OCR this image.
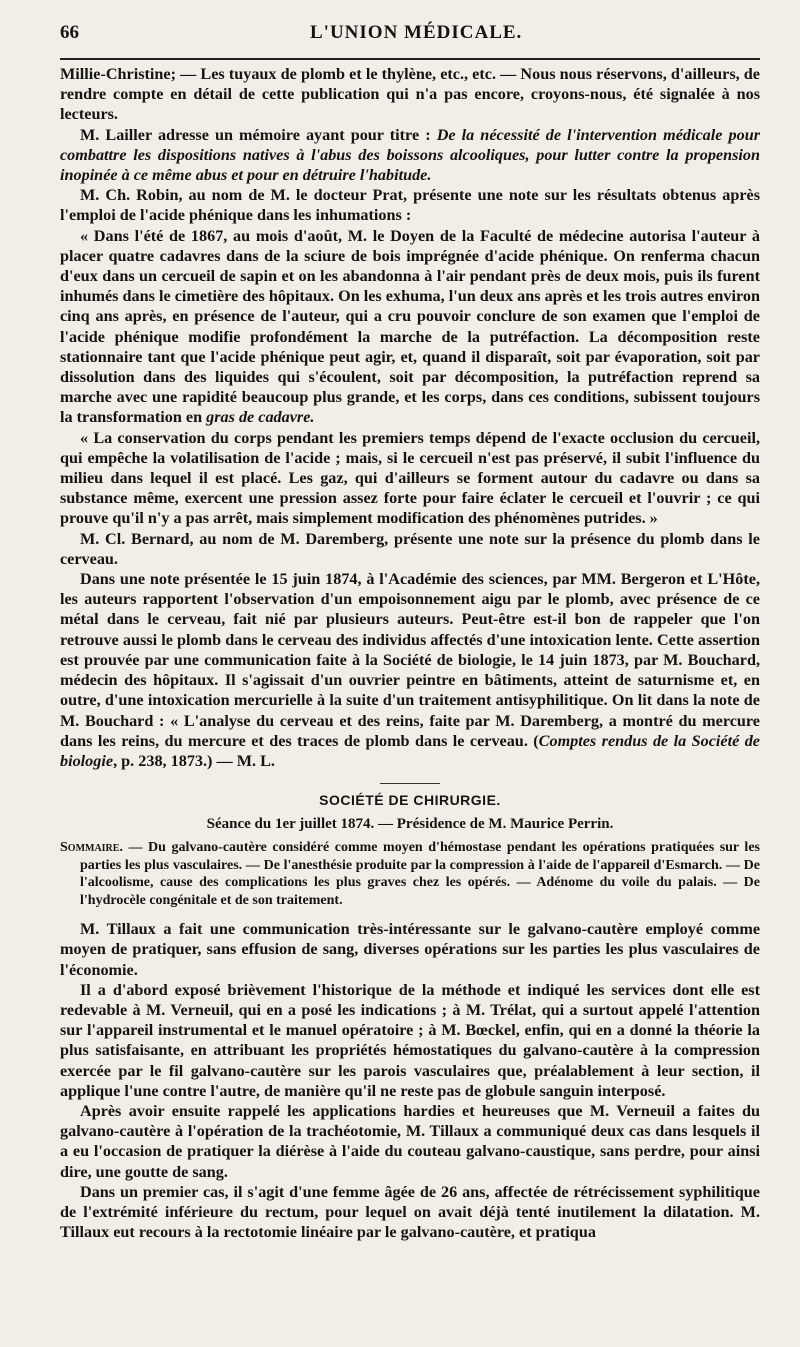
66	L'UNION MÉDICALE.

Millie-Christine; — Les tuyaux de plomb et le thylène, etc., etc. — Nous nous réservons, d'ailleurs, de rendre compte en détail de cette publication qui n'a pas encore, croyons-nous, été signalée à nos lecteurs.

M. Lailler adresse un mémoire ayant pour titre : De la nécessité de l'intervention médicale pour combattre les dispositions natives à l'abus des boissons alcooliques, pour lutter contre la propension inopinée à ce même abus et pour en détruire l'habitude.

M. Ch. Robin, au nom de M. le docteur Prat, présente une note sur les résultats obtenus après l'emploi de l'acide phénique dans les inhumations :

« Dans l'été de 1867, au mois d'août, M. le Doyen de la Faculté de médecine autorisa l'auteur à placer quatre cadavres dans de la sciure de bois imprégnée d'acide phénique. On renferma chacun d'eux dans un cercueil de sapin et on les abandonna à l'air pendant près de deux mois, puis ils furent inhumés dans le cimetière des hôpitaux. On les exhuma, l'un deux ans après et les trois autres environ cinq ans après, en présence de l'auteur, qui a cru pouvoir conclure de son examen que l'emploi de l'acide phénique modifie profondément la marche de la putréfaction. La décomposition reste stationnaire tant que l'acide phénique peut agir, et, quand il disparaît, soit par évaporation, soit par dissolution dans des liquides qui s'écoulent, soit par décomposition, la putréfaction reprend sa marche avec une rapidité beaucoup plus grande, et les corps, dans ces conditions, subissent toujours la transformation en gras de cadavre.

« La conservation du corps pendant les premiers temps dépend de l'exacte occlusion du cercueil, qui empêche la volatilisation de l'acide ; mais, si le cercueil n'est pas préservé, il subit l'influence du milieu dans lequel il est placé. Les gaz, qui d'ailleurs se forment autour du cadavre ou dans sa substance même, exercent une pression assez forte pour faire éclater le cercueil et l'ouvrir ; ce qui prouve qu'il n'y a pas arrêt, mais simplement modification des phénomènes putrides. »

M. Cl. Bernard, au nom de M. Daremberg, présente une note sur la présence du plomb dans le cerveau.

Dans une note présentée le 15 juin 1874, à l'Académie des sciences, par MM. Bergeron et L'Hôte, les auteurs rapportent l'observation d'un empoisonnement aigu par le plomb, avec présence de ce métal dans le cerveau, fait nié par plusieurs auteurs. Peut-être est-il bon de rappeler que l'on retrouve aussi le plomb dans le cerveau des individus affectés d'une intoxication lente. Cette assertion est prouvée par une communication faite à la Société de biologie, le 14 juin 1873, par M. Bouchard, médecin des hôpitaux. Il s'agissait d'un ouvrier peintre en bâtiments, atteint de saturnisme et, en outre, d'une intoxication mercurielle à la suite d'un traitement antisyphilitique. On lit dans la note de M. Bouchard : « L'analyse du cerveau et des reins, faite par M. Daremberg, a montré du mercure dans les reins, du mercure et des traces de plomb dans le cerveau. (Comptes rendus de la Société de biologie, p. 238, 1873.) — M. L.

SOCIÉTÉ DE CHIRURGIE.
Séance du 1er juillet 1874. — Présidence de M. Maurice Perrin.
Sommaire. — Du galvano-cautère considéré comme moyen d'hémostase pendant les opérations pratiquées sur les parties les plus vasculaires. — De l'anesthésie produite par la compression à l'aide de l'appareil d'Esmarch. — De l'alcoolisme, cause des complications les plus graves chez les opérés. — Adénome du voile du palais. — De l'hydrocèle congénitale et de son traitement.

M. Tillaux a fait une communication très-intéressante sur le galvano-cautère employé comme moyen de pratiquer, sans effusion de sang, diverses opérations sur les parties les plus vasculaires de l'économie.

Il a d'abord exposé brièvement l'historique de la méthode et indiqué les services dont elle est redevable à M. Verneuil, qui en a posé les indications ; à M. Trélat, qui a surtout appelé l'attention sur l'appareil instrumental et le manuel opératoire ; à M. Bœckel, enfin, qui en a donné la théorie la plus satisfaisante, en attribuant les propriétés hémostatiques du galvano-cautère à la compression exercée par le fil galvano-cautère sur les parois vasculaires que, préalablement à leur section, il applique l'une contre l'autre, de manière qu'il ne reste pas de globule sanguin interposé.

Après avoir ensuite rappelé les applications hardies et heureuses que M. Verneuil a faites du galvano-cautère à l'opération de la trachéotomie, M. Tillaux a communiqué deux cas dans lesquels il a eu l'occasion de pratiquer la diérèse à l'aide du couteau galvano-caustique, sans perdre, pour ainsi dire, une goutte de sang.

Dans un premier cas, il s'agit d'une femme âgée de 26 ans, affectée de rétrécissement syphilitique de l'extrémité inférieure du rectum, pour lequel on avait déjà tenté inutilement la dilatation. M. Tillaux eut recours à la rectotomie linéaire par le galvano-cautère, et pratiqua
